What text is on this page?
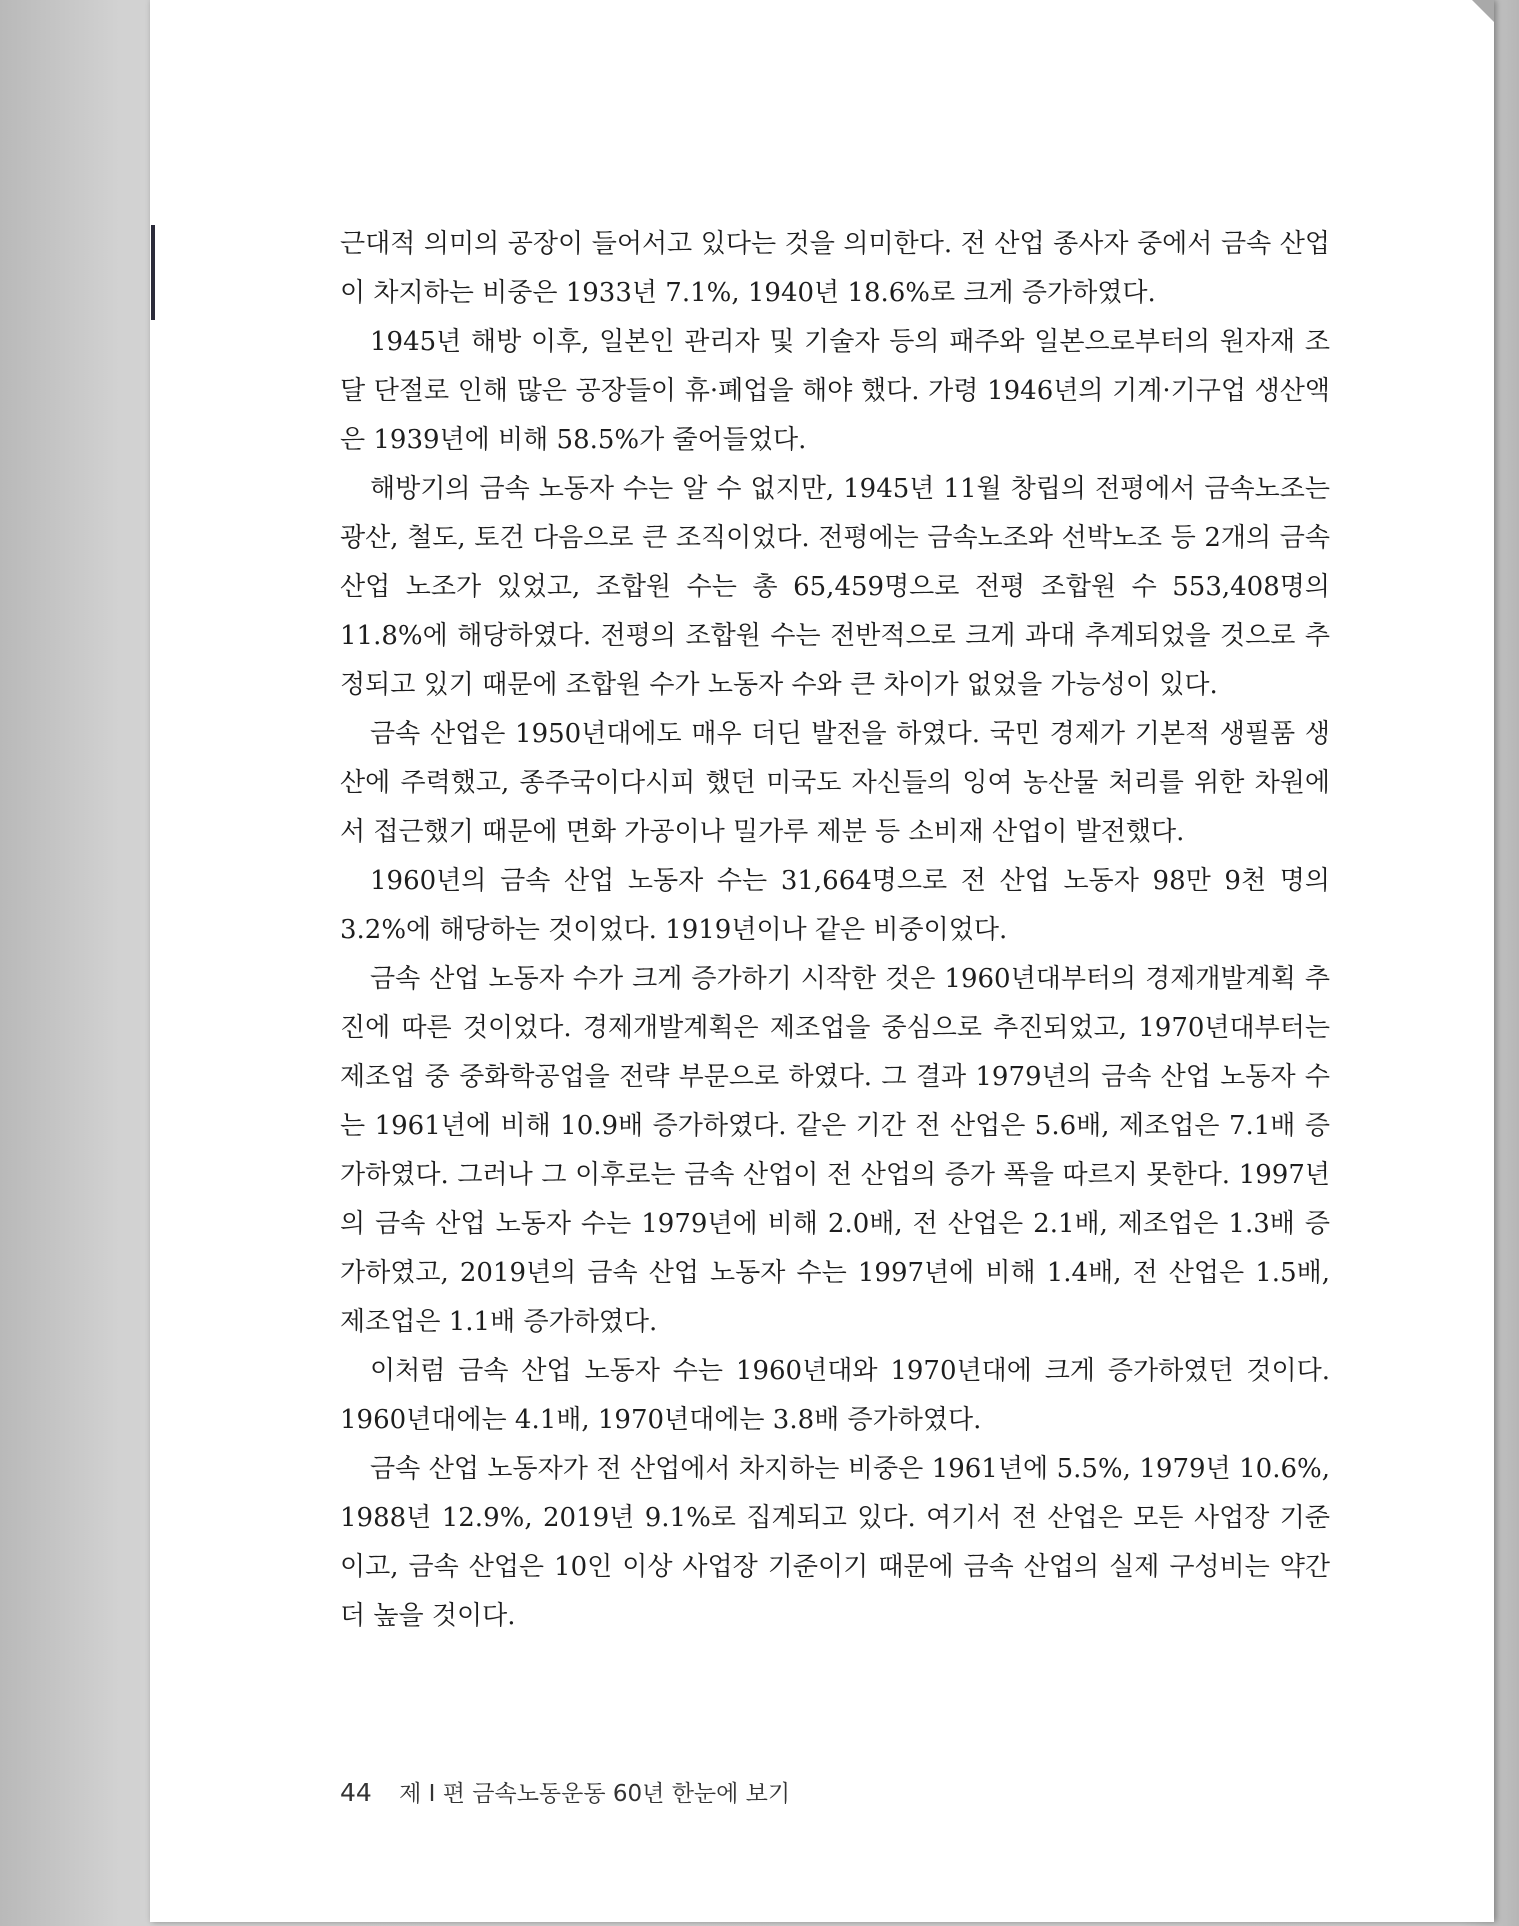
근대적 의미의 공장이 들어서고 있다는 것을 의미한다. 전 산업 종사자 중에서 금속 산업이 차지하는 비중은 1933년 7.1%, 1940년 18.6%로 크게 증가하였다.

1945년 해방 이후, 일본인 관리자 및 기술자 등의 패주와 일본으로부터의 원자재 조달 단절로 인해 많은 공장들이 휴·폐업을 해야 했다. 가령 1946년의 기계·기구업 생산액은 1939년에 비해 58.5%가 줄어들었다.

해방기의 금속 노동자 수는 알 수 없지만, 1945년 11월 창립의 전평에서 금속노조는 광산, 철도, 토건 다음으로 큰 조직이었다. 전평에는 금속노조와 선박노조 등 2개의 금속 산업 노조가 있었고, 조합원 수는 총 65,459명으로 전평 조합원 수 553,408명의 11.8%에 해당하였다. 전평의 조합원 수는 전반적으로 크게 과대 추계되었을 것으로 추정되고 있기 때문에 조합원 수가 노동자 수와 큰 차이가 없었을 가능성이 있다.

금속 산업은 1950년대에도 매우 더딘 발전을 하였다. 국민 경제가 기본적 생필품 생산에 주력했고, 종주국이다시피 했던 미국도 자신들의 잉여 농산물 처리를 위한 차원에서 접근했기 때문에 면화 가공이나 밀가루 제분 등 소비재 산업이 발전했다.

1960년의 금속 산업 노동자 수는 31,664명으로 전 산업 노동자 98만 9천 명의 3.2%에 해당하는 것이었다. 1919년이나 같은 비중이었다.

금속 산업 노동자 수가 크게 증가하기 시작한 것은 1960년대부터의 경제개발계획 추진에 따른 것이었다. 경제개발계획은 제조업을 중심으로 추진되었고, 1970년대부터는 제조업 중 중화학공업을 전략 부문으로 하였다. 그 결과 1979년의 금속 산업 노동자 수는 1961년에 비해 10.9배 증가하였다. 같은 기간 전 산업은 5.6배, 제조업은 7.1배 증가하였다. 그러나 그 이후로는 금속 산업이 전 산업의 증가 폭을 따르지 못한다. 1997년의 금속 산업 노동자 수는 1979년에 비해 2.0배, 전 산업은 2.1배, 제조업은 1.3배 증가하였고, 2019년의 금속 산업 노동자 수는 1997년에 비해 1.4배, 전 산업은 1.5배, 제조업은 1.1배 증가하였다.

이처럼 금속 산업 노동자 수는 1960년대와 1970년대에 크게 증가하였던 것이다. 1960년대에는 4.1배, 1970년대에는 3.8배 증가하였다.

금속 산업 노동자가 전 산업에서 차지하는 비중은 1961년에 5.5%, 1979년 10.6%, 1988년 12.9%, 2019년 9.1%로 집계되고 있다. 여기서 전 산업은 모든 사업장 기준이고, 금속 산업은 10인 이상 사업장 기준이기 때문에 금속 산업의 실제 구성비는 약간 더 높을 것이다.

44 제 I 편 금속노동운동 60년 한눈에 보기
